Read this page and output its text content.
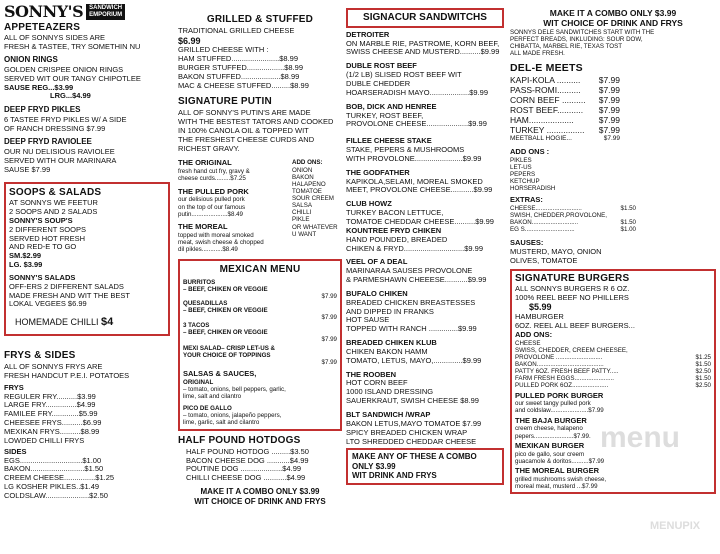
SONNY'S	SANDWICH
EMPORIUM
APPETEAZERS

ALL OF SONNYS SIDES ARE

FRESH & TASTEE, TRY SOMETHIN NU

ONION RINGS

GOLDEN CRISPEE ONION RINGS

SERVED WIT OUR TANGY CHIPOTLEE

SAUSE REG...$3.99

LRG...$4.99

DEEP FRYD PIKLES

6 TASTEE FRYD PIKLES W/ A SIDE

OF RANCH DRESSING $7.99

DEEP FRYD RAVIOLEE

OUR NU DELISIOUS RAVIOLEE

SERVED WITH OUR MARINARA

SAUSE $7.99

SOOPS & SALADS

AT SONNYS WE FEETUR

2 SOOPS AND 2 SALADS

SONNY'S SOUP'S

2 DIFFERENT SOOPS

SERVED HOT FRESH

AND RED-E TO GO

SM.$2.99

LG. $3.99

SONNY'S SALADS

OFF-ERS 2 DIFFERENT SALADS

MADE FRESH AND WIT THE BEST

LOKAL VEGEES $6.99

HOMEMADE CHILLI $4

FRYS & SIDES

ALL OF SONNYS FRYS ARE

FRESH HANDCUT P.E.I. POTATOES

FRYS

REGULER FRY..........$3.99

LARGE FRY...............$4.99

FAMILEE FRY.............$5.99

CHEESEE FRYS..........$6.99

MEXIKAN FRYS..........$8.99

LOWDED CHILLI FRYS

SIDES

EGS..............................$1.00

BAKON..........................$1.50

CREEM CHEESE...............$1.25

LG KOSHER PIKLES..$1.49

COLDSLAW.....................$2.50

GRILLED & STUFFED

TRADITIONAL GRILLED CHEESE

$6.99

GRILLED CHEESE WITH :

HAM STUFFED.......................$8.99

BURGER STUFFED..................$8.99

BAKON STUFFED...................$8.99

MAC & CHEESE STUFFED.........$8.99

SIGNATURE PUTIN

ALL OF SONNY'S PUTIN'S ARE MADE

WITH THE BESTEST TATORS AND COOKED

IN 100% CANOLA OIL & TOPPED WIT

THE FRESHEST CHEESE CURDS AND

RICHEST GRAVY.

THE ORIGINAL

fresh hand cut fry, gravy &

cheese curds.........$7.25

THE PULLED PORK

our delisious pulled pork

on the top of our famous

putin.....................$8.49

THE MOREAL

topped with moreal smoked

meat, swish cheese & chopped

dil pikles............$8.49

ADD ONS:

ONION

BAKON

HALAPENO

TOMATOE

SOUR CREEM

SALSA

CHILLI

PIKLE

OR WHATEVER

U WANT

MEXICAN MENU

BURRITOS

– BEEF, CHIKEN OR VEGGIE

$7.99

QUESADILLAS

– BEEF, CHIKEN OR VEGGIE

$7.99

3 TACOS

– BEEF, CHIKEN OR VEGGIE

$7.99

MEXI SALAD– CRISP LET-US &

YOUR CHOICE OF TOPPINGS

$7.99

SALSAS & SAUCES,

ORIGINAL

– tomato, onions, bell peppers, garlic,

lime, salt and cilantro

PICO DE GALLO

– tomato, onions, jalapeño peppers,

lime, garlic, salt and cilantro

HALF POUND HOTDOGS

HALF POUND HOTDOG .........$3.50

BACON CHEESE DOG ...........$4.99

POUTINE DOG ....................$4.99

CHILLI CHEESE DOG ...........$4.99

MAKE IT A COMBO ONLY $3.99

WIT CHOICE OF DRINK AND FRYS

SIGNACUR SANDWITCHS

DETROITER

ON MARBLE RIE, PASTROME, KORN BEEF,

SWISS CHEESE AND MUSTERD..........$9.99

DUBLE ROST BEEF

(1/2 LB) SLISED ROST BEEF WIT

DUBLE CHEDDER

HOARSERADISH MAYO...................$9.99

BOB, DICK AND HENREE

TURKEY, ROST BEEF,

PROVOLONE CHEESE....................$9.99

FILLEE CHEESE STAKE

STAKE, PEPERS & MUSHROOMS

WITH PROVOLONE.......................$9.99

THE GODFATHER

KAPIKOLA,SELAMI, MOREAL SMOKED

MEET, PROVOLONE CHEESE...........$9.99

CLUB HOWZ

TURKEY BACON LETTUCE,

TOMATOE CHEDDAR CHEESE..........$9.99

KOUNTREE FRYD CHIKEN

HAND POUNDED, BREADED

CHIKEN & FRYD.............................$9.99

VEEL OF A DEAL

MARINARAA SAUSES PROVOLONE

& PARMESHAWN CHEEESE...........$9.99

BUFALO CHIKEN

BREADED CHICKEN BREASTESSES

AND DIPPED IN FRANKS

HOT SAUSE

TOPPED WITH RANCH ..............$9.99

BREADED CHIKEN KLUB

CHIKEN BAKON HAMM

TOMATO, LETUS, MAYO,..............$9.99

THE ROOBEN

HOT CORN BEEF

1000 ISLAND DRESSING

SAUERKRAUT, SWISH CHEESE $8.99

BLT SANDWICH /WRAP

BAKON LETUS,MAYO TOMATOE $7.99

SPICY BREADED CHICKEN WRAP

LTO SHREDDED CHEDDAR CHEESE

MAKE ANY OF THESE A COMBO

ONLY $3.99

WIT DRINK AND FRYS

MAKE IT A COMBO ONLY $3.99

WIT CHOICE OF DRINK AND FRYS

SONNYS DELE SANDWITCHES START WITH THE

PERFECT BREADS, INKLUDING: SOUR DOW,

CHIBATTA, MARBEL RIE, TEXAS TOST

ALL MADE FRESH.

DEL-E MEETS
KAPI-KOLA .......... $7.99
PASS-ROMI.......... $7.99
CORN BEEF .......... $7.99
ROST BEEF........... $7.99
HAM...................	$7.99
TURKEY ................ $7.99
MEETBALL HOGIE...	$7.99

ADD ONS :

PIKLES

LET-US

PEPERS

KETCHUP

HORSERADISH

EXTRAS:

CHEESE...........................	$1.50
SWISH, CHEDDER,PROVOLONE,
BAKON...........................	$1.50
EG S.............................	$1.00

SAUSES:

MUSTERD, MAYO, ONION

OLIVES, TOMATOE

SIGNATURE BURGERS

ALL SONNYS BURGERS R 6 OZ.

100% REEL BEEF NO PHILLERS

$5.99

HAMBURGER

6OZ. REEL ALL BEEF BURGERS...

ADD ONS:

CHEESE

SWISS, CHEDDER, CREEM CHEESEE,

PROVOLONE ...........................	$1.25
BAKON.......................................	$1.50
PATTY 6OZ. FRESH BEEF PATTY.....	$2.50
FARM FRESH EGGS.......................	$1.50
PULLED PORK 6OZ.....................	$2.50

PULLED PORK BURGER

our sweet tangy pulled pork

and coldslaw......................$7.99

THE BAJA BURGER

creem cheese, halapeno

pepers.......................$7.99.

MEXIKAN BURGER

pico de gallo, sour creem

guacamole & doritos..........$7.99

THE MOREAL BURGER

grilled mushrooms swish cheese,

moreal meat, musterd ...$7.99

menu
MENUPIX
